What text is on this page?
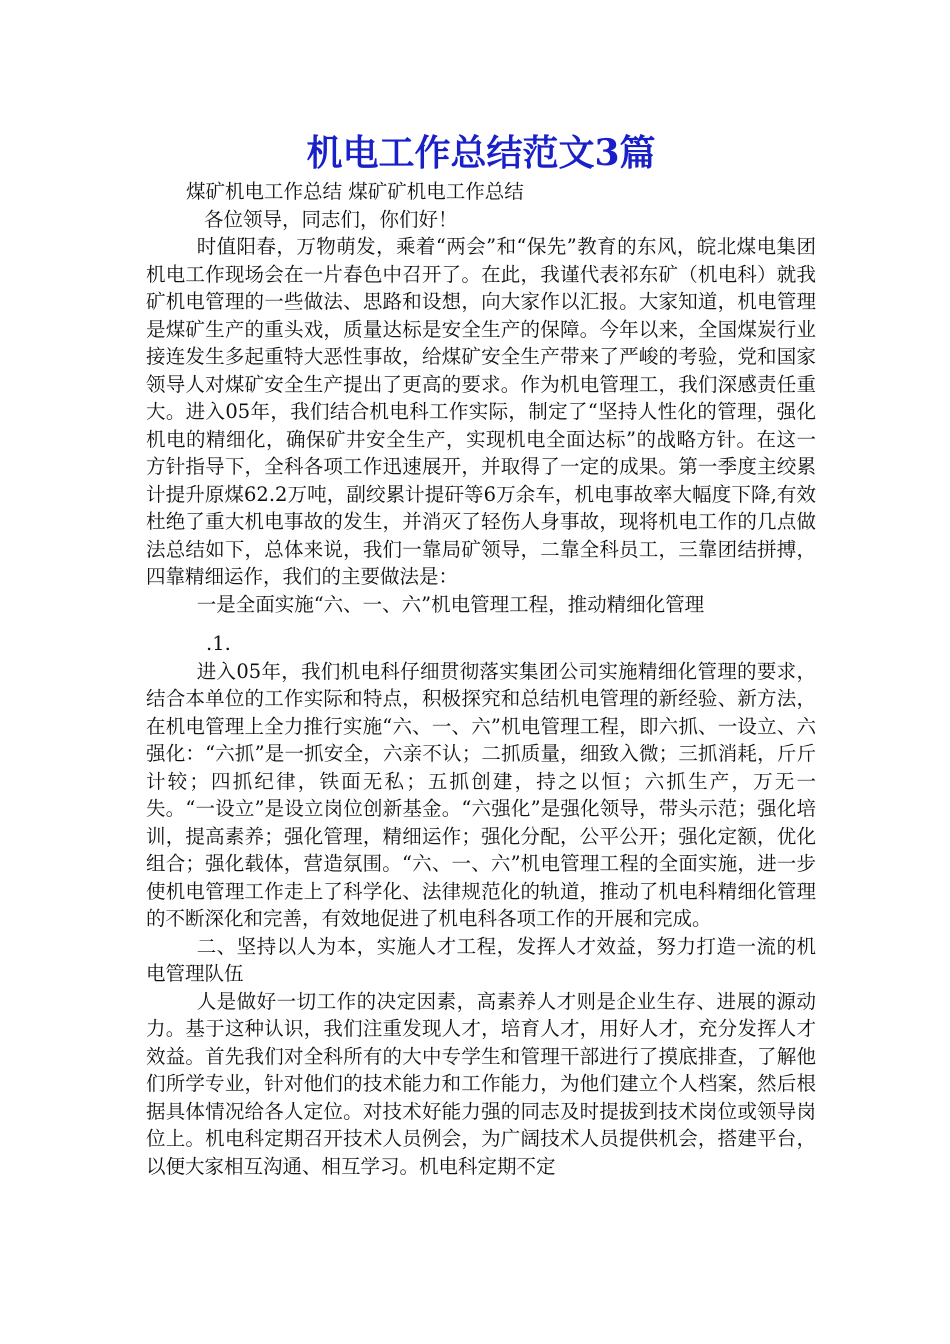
机电工作总结范文3篇

煤矿机电工作总结 煤矿矿机电工作总结

各位领导，同志们，你们好！

时值阳春，万物萌发，乘着“两会”和“保先”教育的东风，皖北煤电集团机电工作现场会在一片春色中召开了。在此，我谨代表祁东矿（机电科）就我矿机电管理的一些做法、思路和设想，向大家作以汇报。大家知道，机电管理是煤矿生产的重头戏，质量达标是安全生产的保障。今年以来，全国煤炭行业接连发生多起重特大恶性事故，给煤矿安全生产带来了严峻的考验，党和国家领导人对煤矿安全生产提出了更高的要求。作为机电管理工，我们深感责任重大。进入05年，我们结合机电科工作实际，制定了“坚持人性化的管理，强化机电的精细化，确保矿井安全生产，实现机电全面达标”的战略方针。在这一方针指导下，全科各项工作迅速展开，并取得了一定的成果。第一季度主绞累计提升原煤62.2万吨，副绞累计提矸等6万余车，机电事故率大幅度下降,有效杜绝了重大机电事故的发生，并消灭了轻伤人身事故，现将机电工作的几点做法总结如下，总体来说，我们一靠局矿领导，二靠全科员工，三靠团结拼搏，四靠精细运作，我们的主要做法是：

一是全面实施“六、一、六”机电管理工程，推动精细化管理

.1.

进入05年，我们机电科仔细贯彻落实集团公司实施精细化管理的要求，结合本单位的工作实际和特点，积极探究和总结机电管理的新经验、新方法，在机电管理上全力推行实施“六、一、六”机电管理工程，即六抓、一设立、六强化：“六抓”是一抓安全，六亲不认；二抓质量，细致入微；三抓消耗，斤斤计较；四抓纪律，铁面无私；五抓创建，持之以恒；六抓生产，万无一失。“一设立”是设立岗位创新基金。“六强化”是强化领导，带头示范；强化培训，提高素养；强化管理，精细运作；强化分配，公平公开；强化定额，优化组合；强化载体，营造氛围。“六、一、六”机电管理工程的全面实施，进一步使机电管理工作走上了科学化、法律规范化的轨道，推动了机电科精细化管理的不断深化和完善，有效地促进了机电科各项工作的开展和完成。

二、坚持以人为本，实施人才工程，发挥人才效益，努力打造一流的机电管理队伍

人是做好一切工作的决定因素，高素养人才则是企业生存、进展的源动力。基于这种认识，我们注重发现人才，培育人才，用好人才，充分发挥人才效益。首先我们对全科所有的大中专学生和管理干部进行了摸底排查，了解他们所学专业，针对他们的技术能力和工作能力，为他们建立个人档案，然后根据具体情况给各人定位。对技术好能力强的同志及时提拔到技术岗位或领导岗位上。机电科定期召开技术人员例会，为广阔技术人员提供机会，搭建平台，以便大家相互沟通、相互学习。机电科定期不定
